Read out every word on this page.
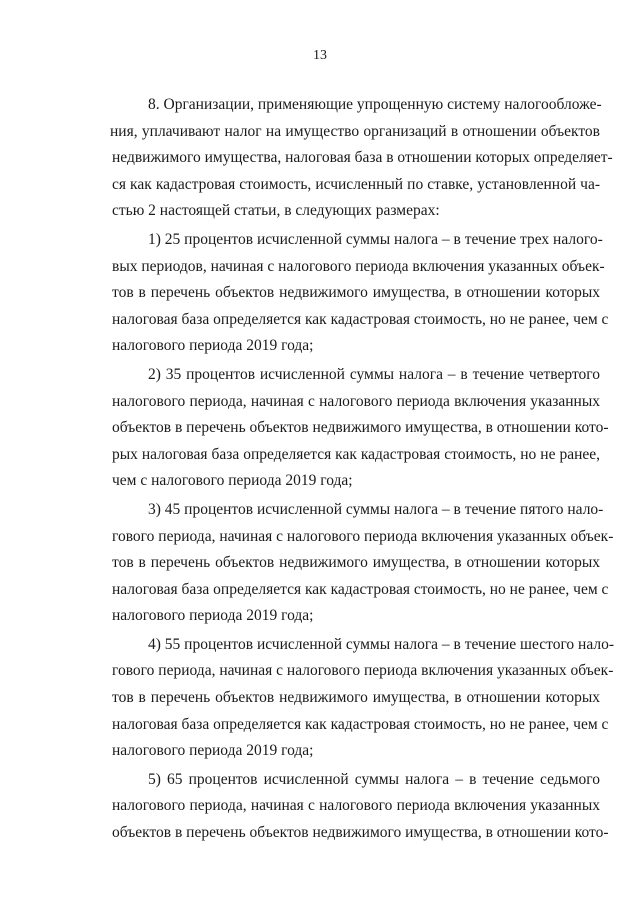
13

8. Организации, применяющие упрощенную систему налогообложе-
ния, уплачивают налог на имущество организаций в отношении объектов
недвижимого имущества, налоговая база в отношении которых определяет-
ся как кадастровая стоимость, исчисленный по ставке, установленной ча-
стью 2 настоящей статьи, в следующих размерах:

1) 25 процентов исчисленной суммы налога – в течение трех налого-
вых периодов, начиная с налогового периода включения указанных объек-
тов в перечень объектов недвижимого имущества, в отношении которых
налоговая база определяется как кадастровая стоимость, но не ранее, чем с
налогового периода 2019 года;

2) 35 процентов исчисленной суммы налога – в течение четвертого
налогового периода, начиная с налогового периода включения указанных
объектов в перечень объектов недвижимого имущества, в отношении кото-
рых налоговая база определяется как кадастровая стоимость, но не ранее,
чем с налогового периода 2019 года;

3) 45 процентов исчисленной суммы налога – в течение пятого нало-
гового периода, начиная с налогового периода включения указанных объек-
тов в перечень объектов недвижимого имущества, в отношении которых
налоговая база определяется как кадастровая стоимость, но не ранее, чем с
налогового периода 2019 года;

4) 55 процентов исчисленной суммы налога – в течение шестого нало-
гового периода, начиная с налогового периода включения указанных объек-
тов в перечень объектов недвижимого имущества, в отношении которых
налоговая база определяется как кадастровая стоимость, но не ранее, чем с
налогового периода 2019 года;

5) 65 процентов исчисленной суммы налога – в течение седьмого
налогового периода, начиная с налогового периода включения указанных
объектов в перечень объектов недвижимого имущества, в отношении кото-
